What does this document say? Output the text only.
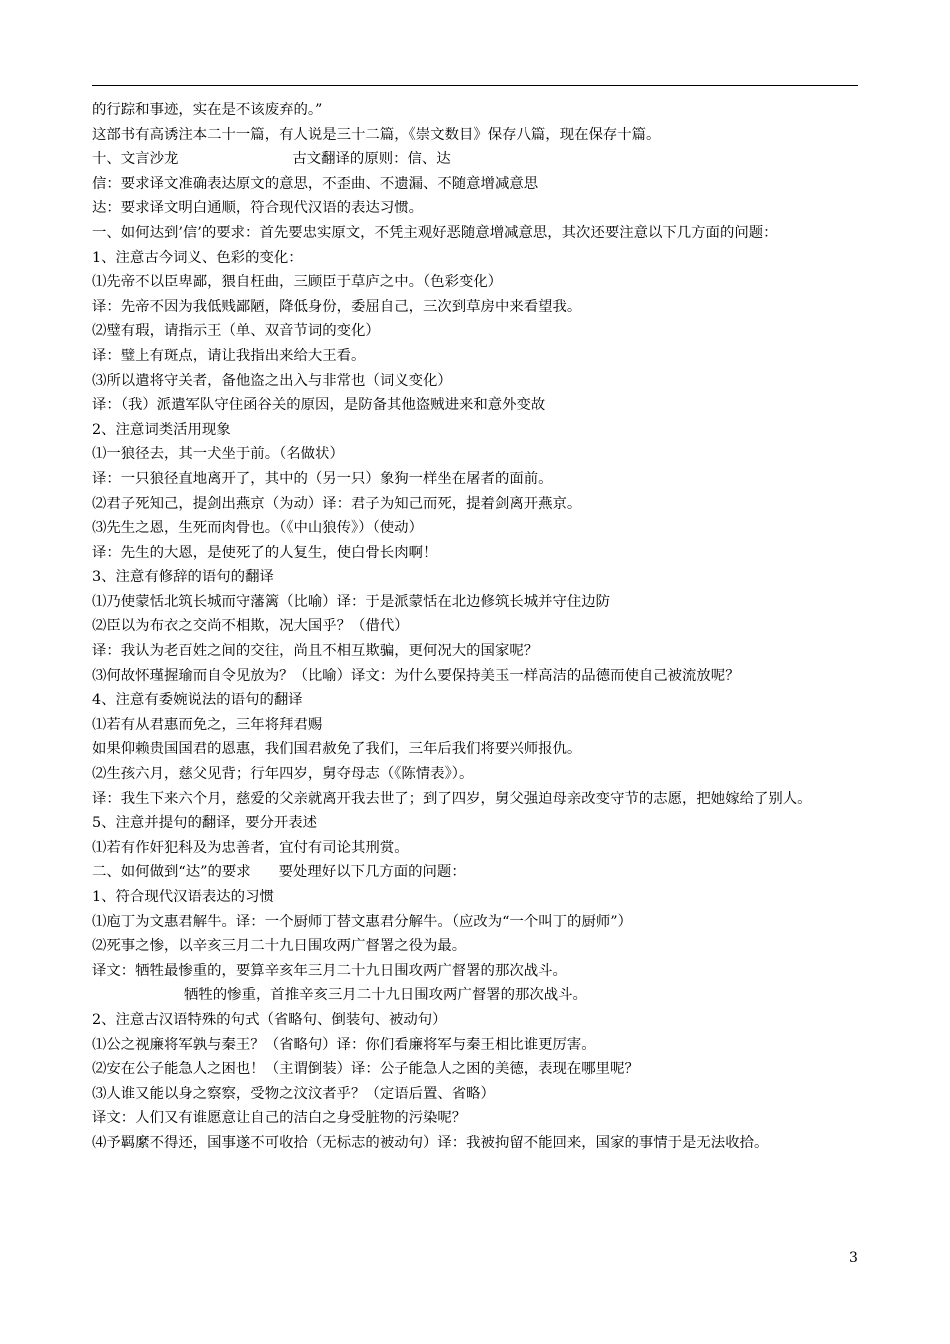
的行踪和事迹，实在是不该废弃的。”
这部书有高诱注本二十一篇，有人说是三十二篇，《崇文数目》保存八篇，现在保存十篇。
十、文言沙龙	古文翻译的原则：信、达
信：要求译文准确表达原文的意思，不歪曲、不遗漏、不随意增减意思
达：要求译文明白通顺，符合现代汉语的表达习惯。
一、如何达到’信’的要求：首先要忠实原文，不凭主观好恶随意增减意思，其次还要注意以下几方面的问题：
1、注意古今词义、色彩的变化：
⑴先帝不以臣卑鄙，猥自枉曲，三顾臣于草庐之中。（色彩变化）
译：先帝不因为我低贱鄙陋，降低身份，委屈自己，三次到草房中来看望我。
⑵璧有瑕，请指示王（单、双音节词的变化）
译：璧上有斑点，请让我指出来给大王看。
⑶所以遣将守关者，备他盗之出入与非常也（词义变化）
译：（我）派遣军队守住函谷关的原因，是防备其他盗贼进来和意外变故
2、注意词类活用现象
⑴一狼径去，其一犬坐于前。（名做状）
译：一只狼径直地离开了，其中的（另一只）象狗一样坐在屠者的面前。
⑵君子死知己，提剑出燕京（为动）译：君子为知己而死，提着剑离开燕京。
⑶先生之恩，生死而肉骨也。（《中山狼传》）（使动）
译：先生的大恩，是使死了的人复生，使白骨长肉啊！
3、注意有修辞的语句的翻译
⑴乃使蒙恬北筑长城而守藩篱（比喻）译：于是派蒙恬在北边修筑长城并守住边防
⑵臣以为布衣之交尚不相欺，况大国乎？（借代）
译：我认为老百姓之间的交往，尚且不相互欺骗，更何况大的国家呢？
⑶何故怀瑾握瑜而自令见放为？（比喻）译文：为什么要保持美玉一样高洁的品德而使自己被流放呢？
4、注意有委婉说法的语句的翻译
⑴若有从君惠而免之，三年将拜君赐
如果仰赖贵国国君的恩惠，我们国君赦免了我们，三年后我们将要兴师报仇。
⑵生孩六月，慈父见背；行年四岁，舅夺母志（《陈情表》）。
译：我生下来六个月，慈爱的父亲就离开我去世了；到了四岁，舅父强迫母亲改变守节的志愿，把她嫁给了别人。
5、注意并提句的翻译，要分开表述
⑴若有作奸犯科及为忠善者，宜付有司论其刑赏。
二、如何做到“达”的要求 要处理好以下几方面的问题：
1、符合现代汉语表达的习惯
⑴庖丁为文惠君解牛。译：一个厨师丁替文惠君分解牛。（应改为“一个叫丁的厨师”）
⑵死事之惨，以辛亥三月二十九日围攻两广督署之役为最。
译文：牺牲最惨重的，要算辛亥年三月二十九日围攻两广督署的那次战斗。
牺牲的惨重，首推辛亥三月二十九日围攻两广督署的那次战斗。
2、注意古汉语特殊的句式（省略句、倒装句、被动句）
⑴公之视廉将军孰与秦王？（省略句）译：你们看廉将军与秦王相比谁更厉害。
⑵安在公子能急人之困也！（主谓倒装）译：公子能急人之困的美德，表现在哪里呢？
⑶人谁又能以身之察察，受物之汶汶者乎？（定语后置、省略）
译文：人们又有谁愿意让自己的洁白之身受脏物的污染呢？
⑷予羁縻不得还，国事遂不可收拾（无标志的被动句）译：我被拘留不能回来，国家的事情于是无法收拾。
3
